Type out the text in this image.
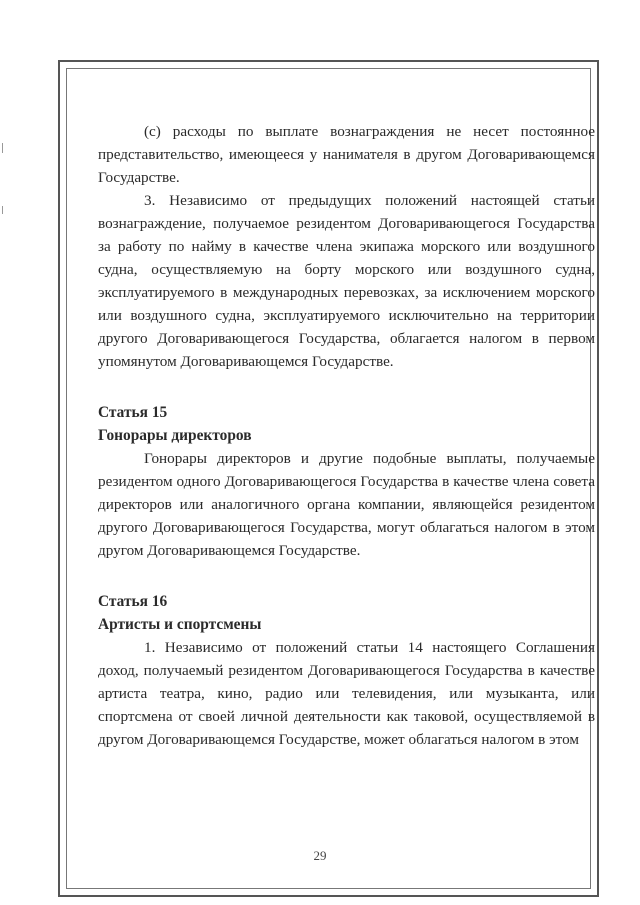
(c) расходы по выплате вознаграждения не несет постоянное представительство, имеющееся у нанимателя в другом Договаривающемся Государстве.

3. Независимо от предыдущих положений настоящей статьи вознаграждение, получаемое резидентом Договаривающегося Государства за работу по найму в качестве члена экипажа морского или воздушного судна, осуществляемую на борту морского или воздушного судна, эксплуатируемого в международных перевозках, за исключением морского или воздушного судна, эксплуатируемого исключительно на территории другого Договаривающегося Государства, облагается налогом в первом упомянутом Договаривающемся Государстве.

Статья 15

Гонорары директоров

Гонорары директоров и другие подобные выплаты, получаемые резидентом одного Договаривающегося Государства в качестве члена совета директоров или аналогичного органа компании, являющейся резидентом другого Договаривающегося Государства, могут облагаться налогом в этом другом Договаривающемся Государстве.

Статья 16

Артисты и спортсмены

1. Независимо от положений статьи 14 настоящего Соглашения доход, получаемый резидентом Договаривающегося Государства в качестве артиста театра, кино, радио или телевидения, или музыканта, или спортсмена от своей личной деятельности как таковой, осуществляемой в другом Договаривающемся Государстве, может облагаться налогом в этом

29
